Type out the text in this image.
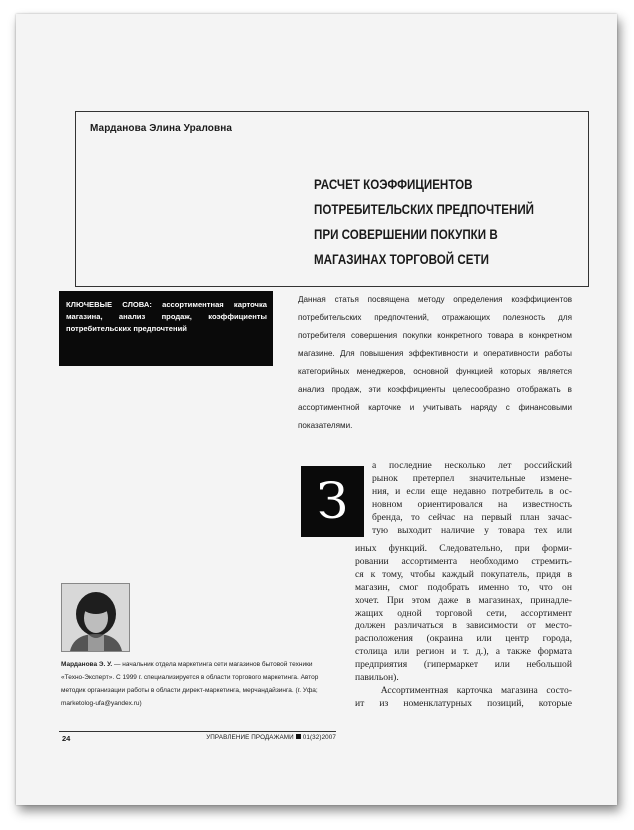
Марданова Элина Ураловна
РАСЧЕТ КОЭФФИЦИЕНТОВ
ПОТРЕБИТЕЛЬСКИХ ПРЕДПОЧТЕНИЙ
ПРИ СОВЕРШЕНИИ ПОКУПКИ В
МАГАЗИНАХ ТОРГОВОЙ СЕТИ
КЛЮЧЕВЫЕ СЛОВА: ассортиментная карточка магазина, анализ продаж, коэффициенты потребительских предпочтений
Данная статья посвящена методу определения коэффициентов потребительских предпочтений, отражающих полезность для потребителя совершения покупки конкретного товара в конкретном магазине. Для повышения эффективности и оперативности работы категорийных менеджеров, основной функцией которых является анализ продаж, эти коэффициенты целесообразно отображать в ассортиментной карточке и учитывать наряду с финансовыми показателями.
З
а последние несколько лет российский
рынок претерпел значительные измене-
ния, и если еще недавно потребитель в ос-
новном ориентировался на известность
бренда, то сейчас на первый план зачас-
тую выходит наличие у товара тех или
иных функций. Следовательно, при форми-
ровании ассортимента необходимо стремить-
ся к тому, чтобы каждый покупатель, придя в
магазин, смог подобрать именно то, что он
хочет. При этом даже в магазинах, принадле-
жащих одной торговой сети, ассортимент
должен различаться в зависимости от место-
расположения (окраина или центр города,
столица или регион и т. д.), а также формата
предприятия (гипермаркет или небольшой
павильон).
Ассортиментная карточка магазина состо-
ит из номенклатурных позиций, которые
Марданова Э. У. — начальник отдела маркетинга сети магазинов бытовой техники «Техно-Эксперт». С 1999 г. специализируется в области торгового маркетинга. Автор методик организации работы в области директ-маркетинга, мерчандайзинга. (г. Уфа; marketolog-ufa@yandex.ru)
24	УПРАВЛЕНИЕ ПРОДАЖАМИ 01(32)2007
